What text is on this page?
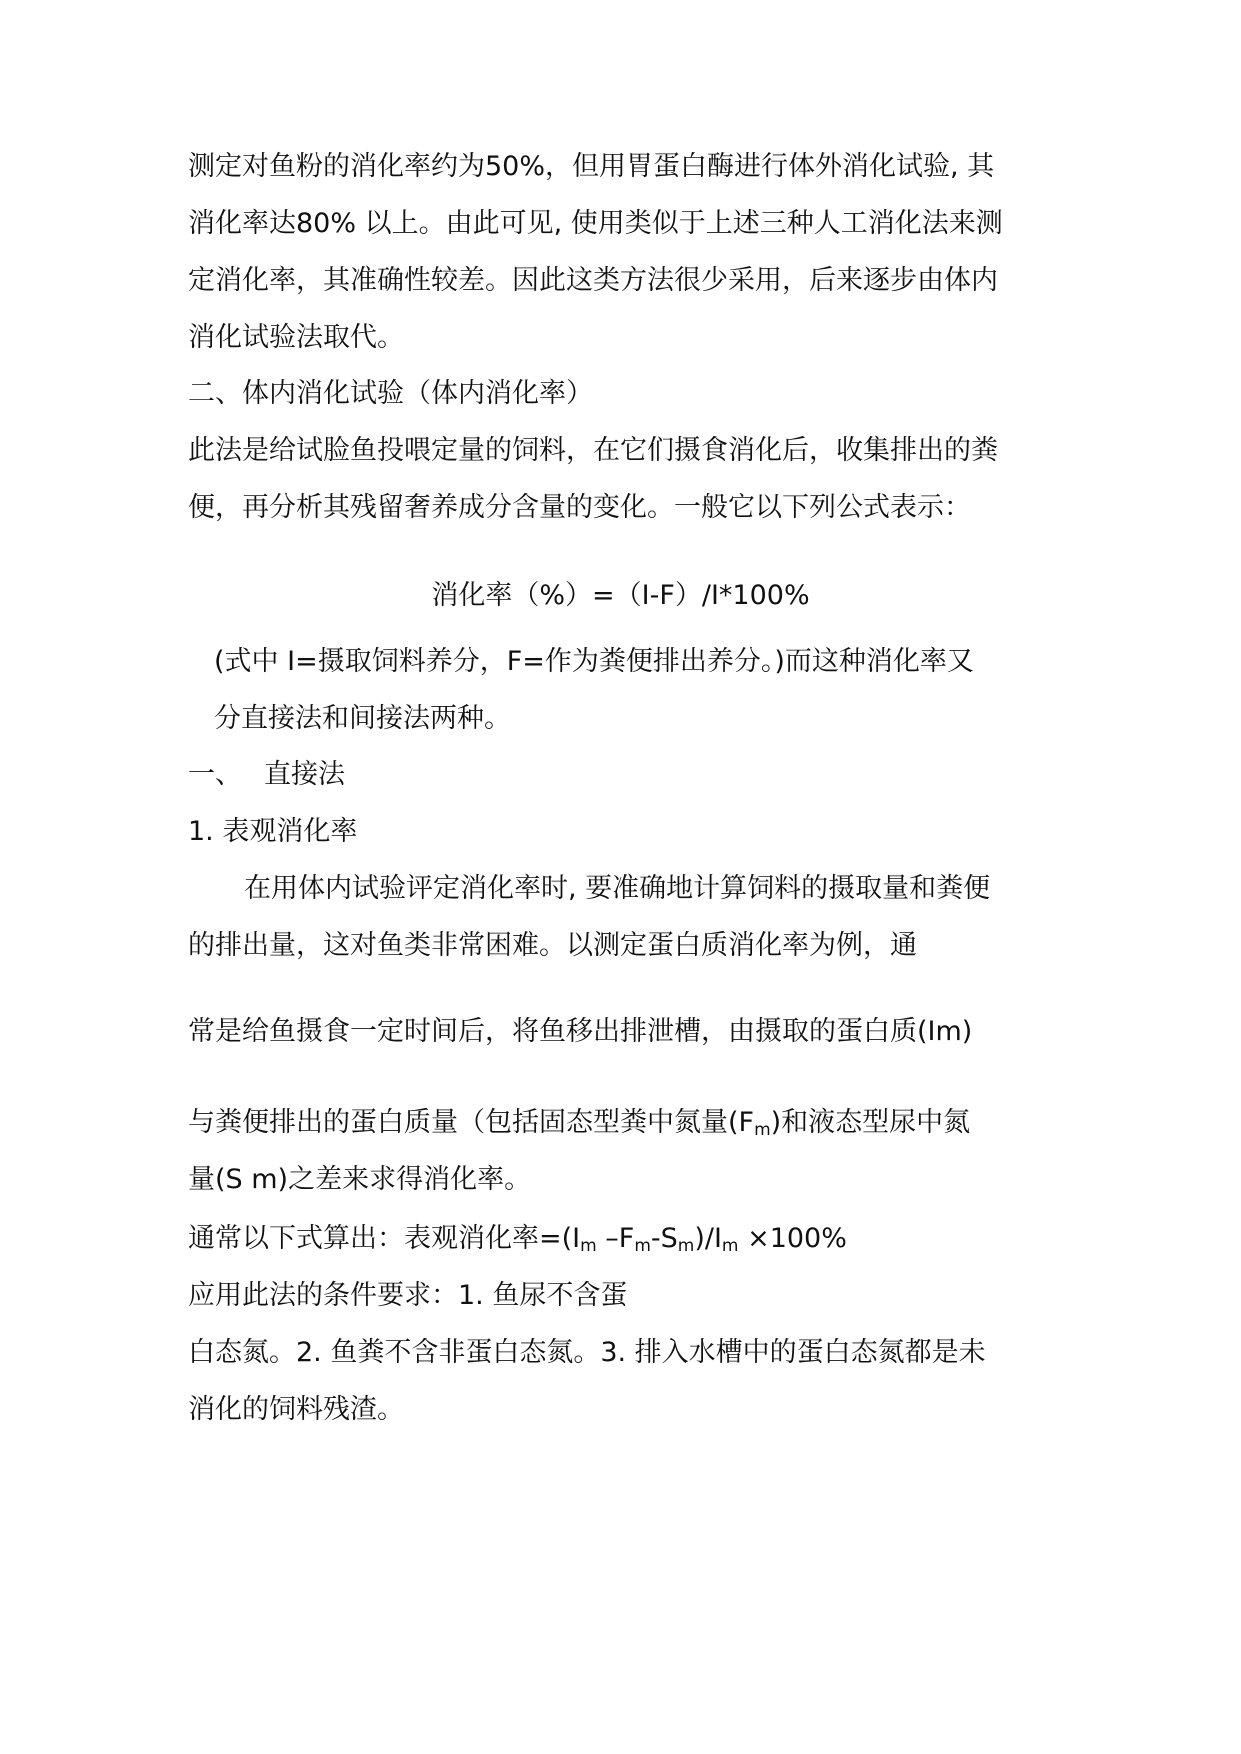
测定对鱼粉的消化率约为50%，但用胃蛋白酶进行体外消化试验, 其
消化率达80% 以上。由此可见, 使用类似于上述三种人工消化法来测
定消化率，其准确性较差。因此这类方法很少采用，后来逐步由体内
消化试验法取代。
二、体内消化试验（体内消化率）
此法是给试脸鱼投喂定量的饲料，在它们摄食消化后，收集排出的粪
便，再分析其残留奢养成分含量的变化。一般它以下列公式表示：
消化率（%）=（I-F）/I*100%
(式中 I=摄取饲料养分，F=作为粪便排出养分。)而这种消化率又
分直接法和间接法两种。
一、 直接法
1. 表观消化率
在用体内试验评定消化率时, 要准确地计算饲料的摄取量和粪便
的排出量，这对鱼类非常困难。以测定蛋白质消化率为例，通
常是给鱼摄食一定时间后，将鱼移出排泄槽，由摄取的蛋白质(Im)
与粪便排出的蛋白质量（包括固态型粪中氮量$(F_m)$和液态型尿中氮
量(S m)之差来求得消化率。
通常以下式算出：表观消化率$=(I_m$ $-F_m-S_m)/I_m \times 100\%$
应用此法的条件要求：1. 鱼尿不含蛋
白态氮。2. 鱼粪不含非蛋白态氮。3. 排入水槽中的蛋白态氮都是未
消化的饲料残渣。
